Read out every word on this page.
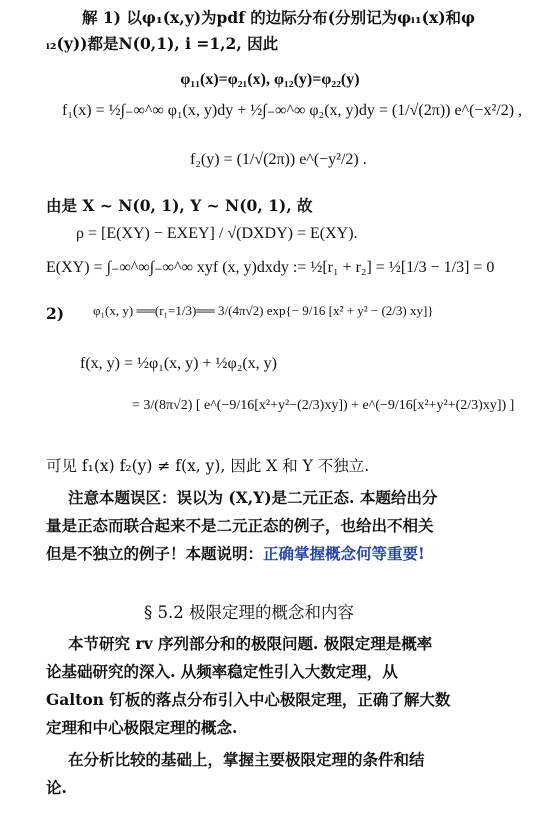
解 1) 以φ₁(x,y)为pdf 的边际分布(分别记为φᵢ₁(x)和φ
ᵢ₂(y))都是N(0,1), i =1,2, 因此
φ₁₁(x)=φ₂₁(x), φ₁₂(y)=φ₂₂(y)
f₁(x) = ½∫₋∞^∞ φ₁(x, y)dy + ½∫₋∞^∞ φ₂(x, y)dy = (1/√(2π)) e^(−x²/2) ,
f₂(y) = (1/√(2π)) e^(−y²/2) .
由是 X ~ N(0, 1), Y ~ N(0, 1), 故
ρ = [E(XY) − EXEY] / √(DXDY) = E(XY).
E(XY) = ∫₋∞^∞∫₋∞^∞ xyf (x, y)dxdy := ½[r₁ + r₂] = ½[1/3 − 1/3] = 0
2) φ₁(x, y) ══(r₁=1/3)══ 3/(4π√2) exp{− 9/16 [x² + y² − (2/3) xy]}
f(x, y) = ½φ₁(x, y) + ½φ₂(x, y)
= 3/(8π√2) [ e^(−9/16[x²+y²−(2/3)xy]) + e^(−9/16[x²+y²+(2/3)xy]) ]
可见 f₁(x) f₂(y) ≠ f(x, y), 因此 X 和 Y 不独立.
注意本题误区：误以为 (X,Y)是二元正态. 本题给出分
量是正态而联合起来不是二元正态的例子，也给出不相关
但是不独立的例子！本题说明：正确掌握概念何等重要!
§ 5.2 极限定理的概念和内容
本节研究 rv 序列部分和的极限问题. 极限定理是概率
论基础研究的深入. 从频率稳定性引入大数定理，从
Galton 钉板的落点分布引入中心极限定理，正确了解大数
定理和中心极限定理的概念.
在分析比较的基础上，掌握主要极限定理的条件和结
论.
